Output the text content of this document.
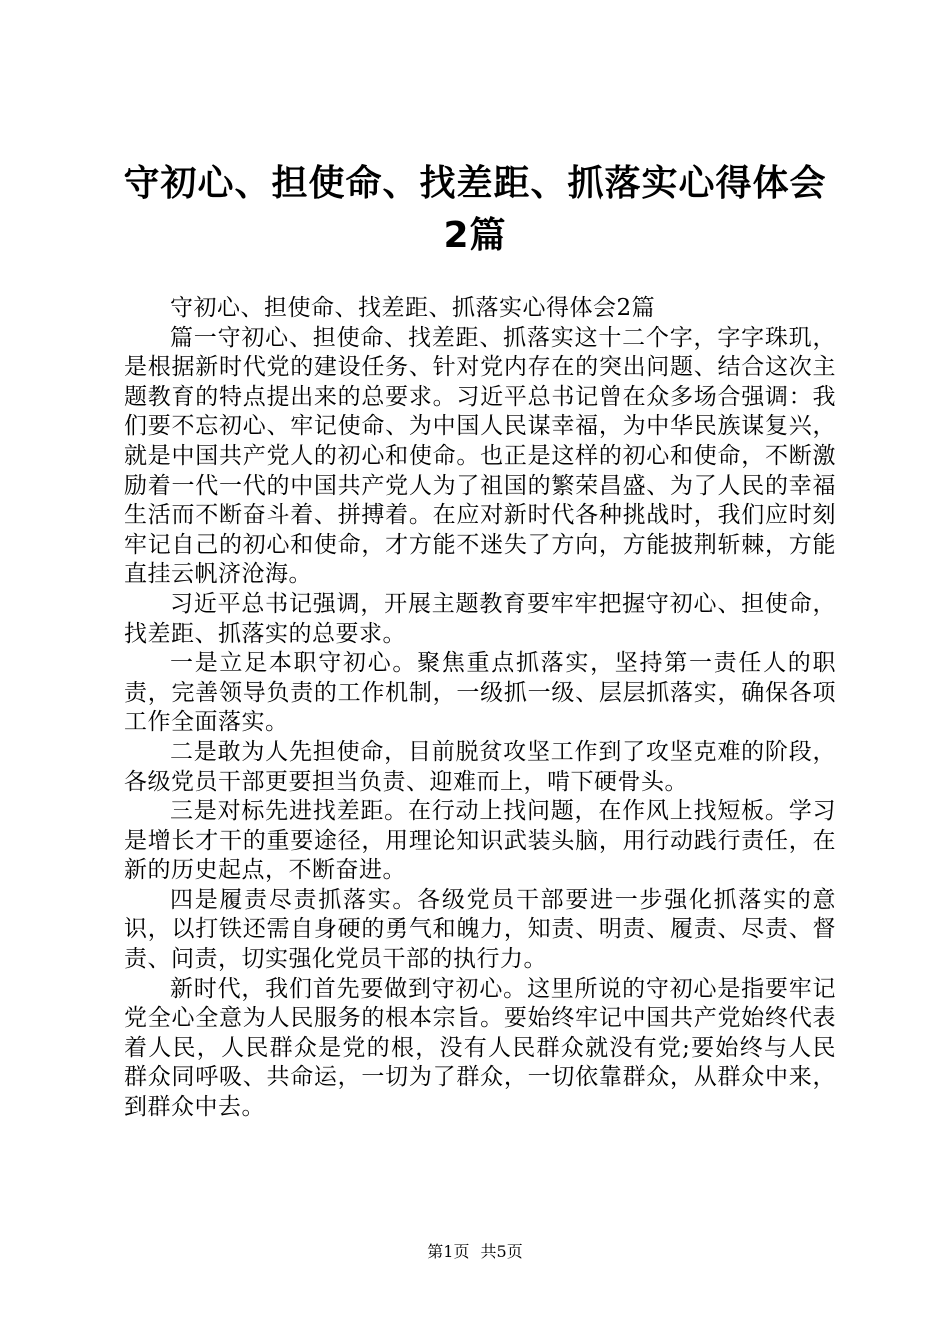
守初心、担使命、找差距、抓落实心得体会2篇

守初心、担使命、找差距、抓落实心得体会2篇

篇一守初心、担使命、找差距、抓落实这十二个字，字字珠玑，是根据新时代党的建设任务、针对党内存在的突出问题、结合这次主题教育的特点提出来的总要求。习近平总书记曾在众多场合强调：我们要不忘初心、牢记使命、为中国人民谋幸福，为中华民族谋复兴，就是中国共产党人的初心和使命。也正是这样的初心和使命，不断激励着一代一代的中国共产党人为了祖国的繁荣昌盛、为了人民的幸福生活而不断奋斗着、拼搏着。在应对新时代各种挑战时，我们应时刻牢记自己的初心和使命，才方能不迷失了方向，方能披荆斩棘，方能直挂云帆济沧海。

习近平总书记强调，开展主题教育要牢牢把握守初心、担使命，找差距、抓落实的总要求。

一是立足本职守初心。聚焦重点抓落实，坚持第一责任人的职责，完善领导负责的工作机制，一级抓一级、层层抓落实，确保各项工作全面落实。

二是敢为人先担使命，目前脱贫攻坚工作到了攻坚克难的阶段，各级党员干部更要担当负责、迎难而上，啃下硬骨头。

三是对标先进找差距。在行动上找问题，在作风上找短板。学习是增长才干的重要途径，用理论知识武装头脑，用行动践行责任，在新的历史起点，不断奋进。

四是履责尽责抓落实。各级党员干部要进一步强化抓落实的意识，以打铁还需自身硬的勇气和魄力，知责、明责、履责、尽责、督责、问责，切实强化党员干部的执行力。

新时代，我们首先要做到守初心。这里所说的守初心是指要牢记党全心全意为人民服务的根本宗旨。要始终牢记中国共产党始终代表着人民，人民群众是党的根，没有人民群众就没有党;要始终与人民群众同呼吸、共命运，一切为了群众，一切依靠群众，从群众中来，到群众中去。

第1页 共5页
